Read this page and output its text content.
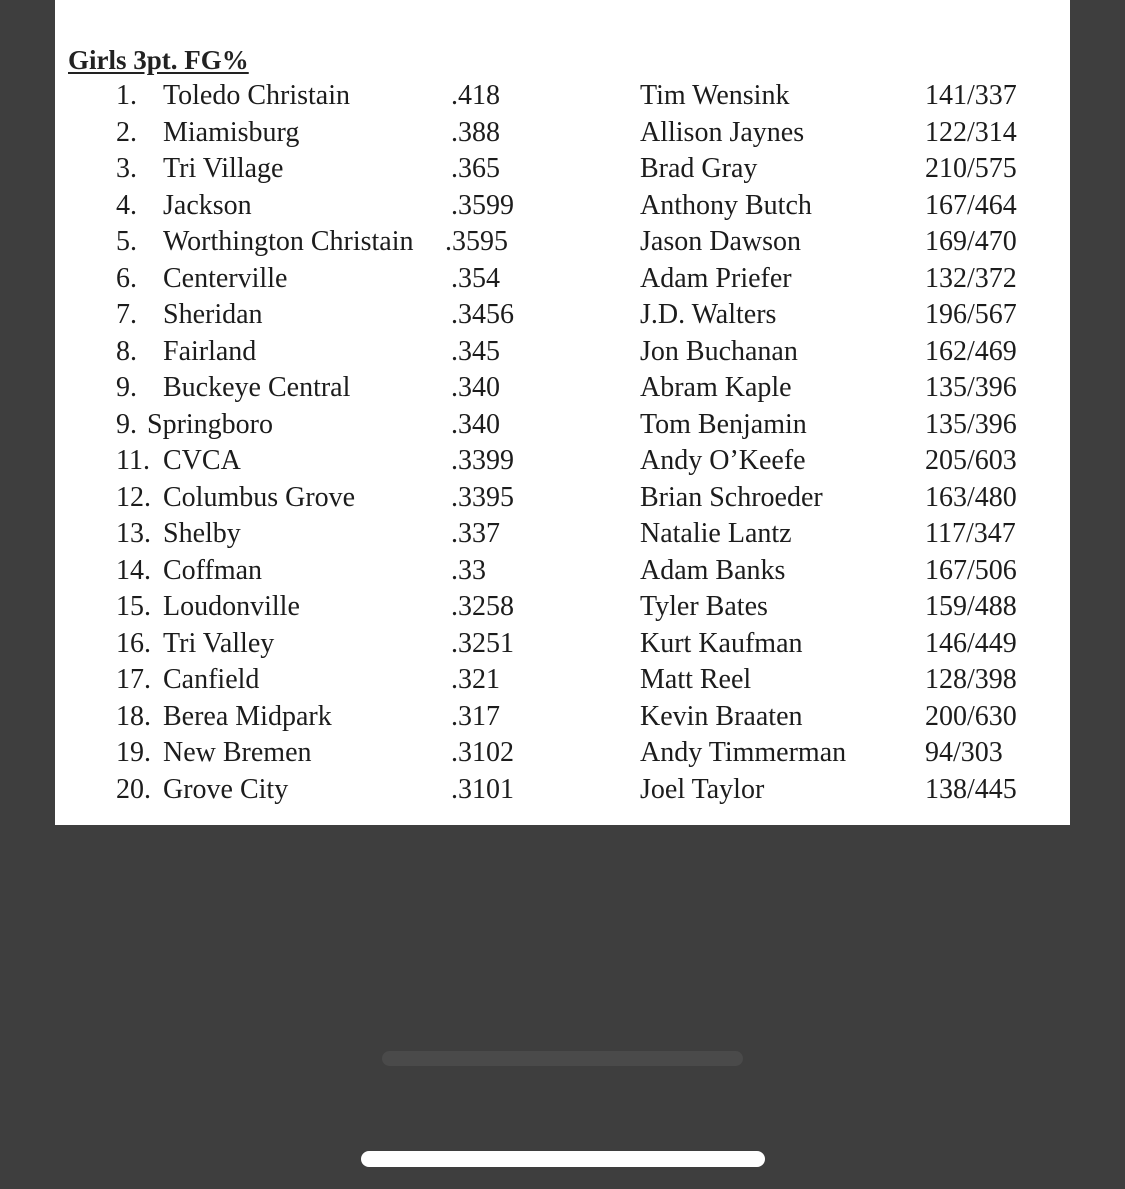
Girls 3pt. FG%
1. Toledo Christain	.418	Tim Wensink	141/337
2. Miamisburg	.388	Allison Jaynes	122/314
3. Tri Village	.365	Brad Gray	210/575
4. Jackson	.3599	Anthony Butch	167/464
5. Worthington Christain .3595	Jason Dawson	169/470
6. Centerville	.354	Adam Priefer	132/372
7. Sheridan	.3456	J.D. Walters	196/567
8. Fairland	.345	Jon Buchanan	162/469
9. Buckeye Central	.340	Abram Kaple	135/396
9. Springboro	.340	Tom Benjamin	135/396
11. CVCA	.3399	Andy O’Keefe	205/603
12. Columbus Grove	.3395	Brian Schroeder	163/480
13. Shelby	.337	Natalie Lantz	117/347
14. Coffman	.33	Adam Banks	167/506
15. Loudonville	.3258	Tyler Bates	159/488
16. Tri Valley	.3251	Kurt Kaufman	146/449
17. Canfield	.321	Matt Reel	128/398
18. Berea Midpark	.317	Kevin Braaten	200/630
19. New Bremen	.3102	Andy Timmerman	94/303
20. Grove City	.3101	Joel Taylor	138/445
